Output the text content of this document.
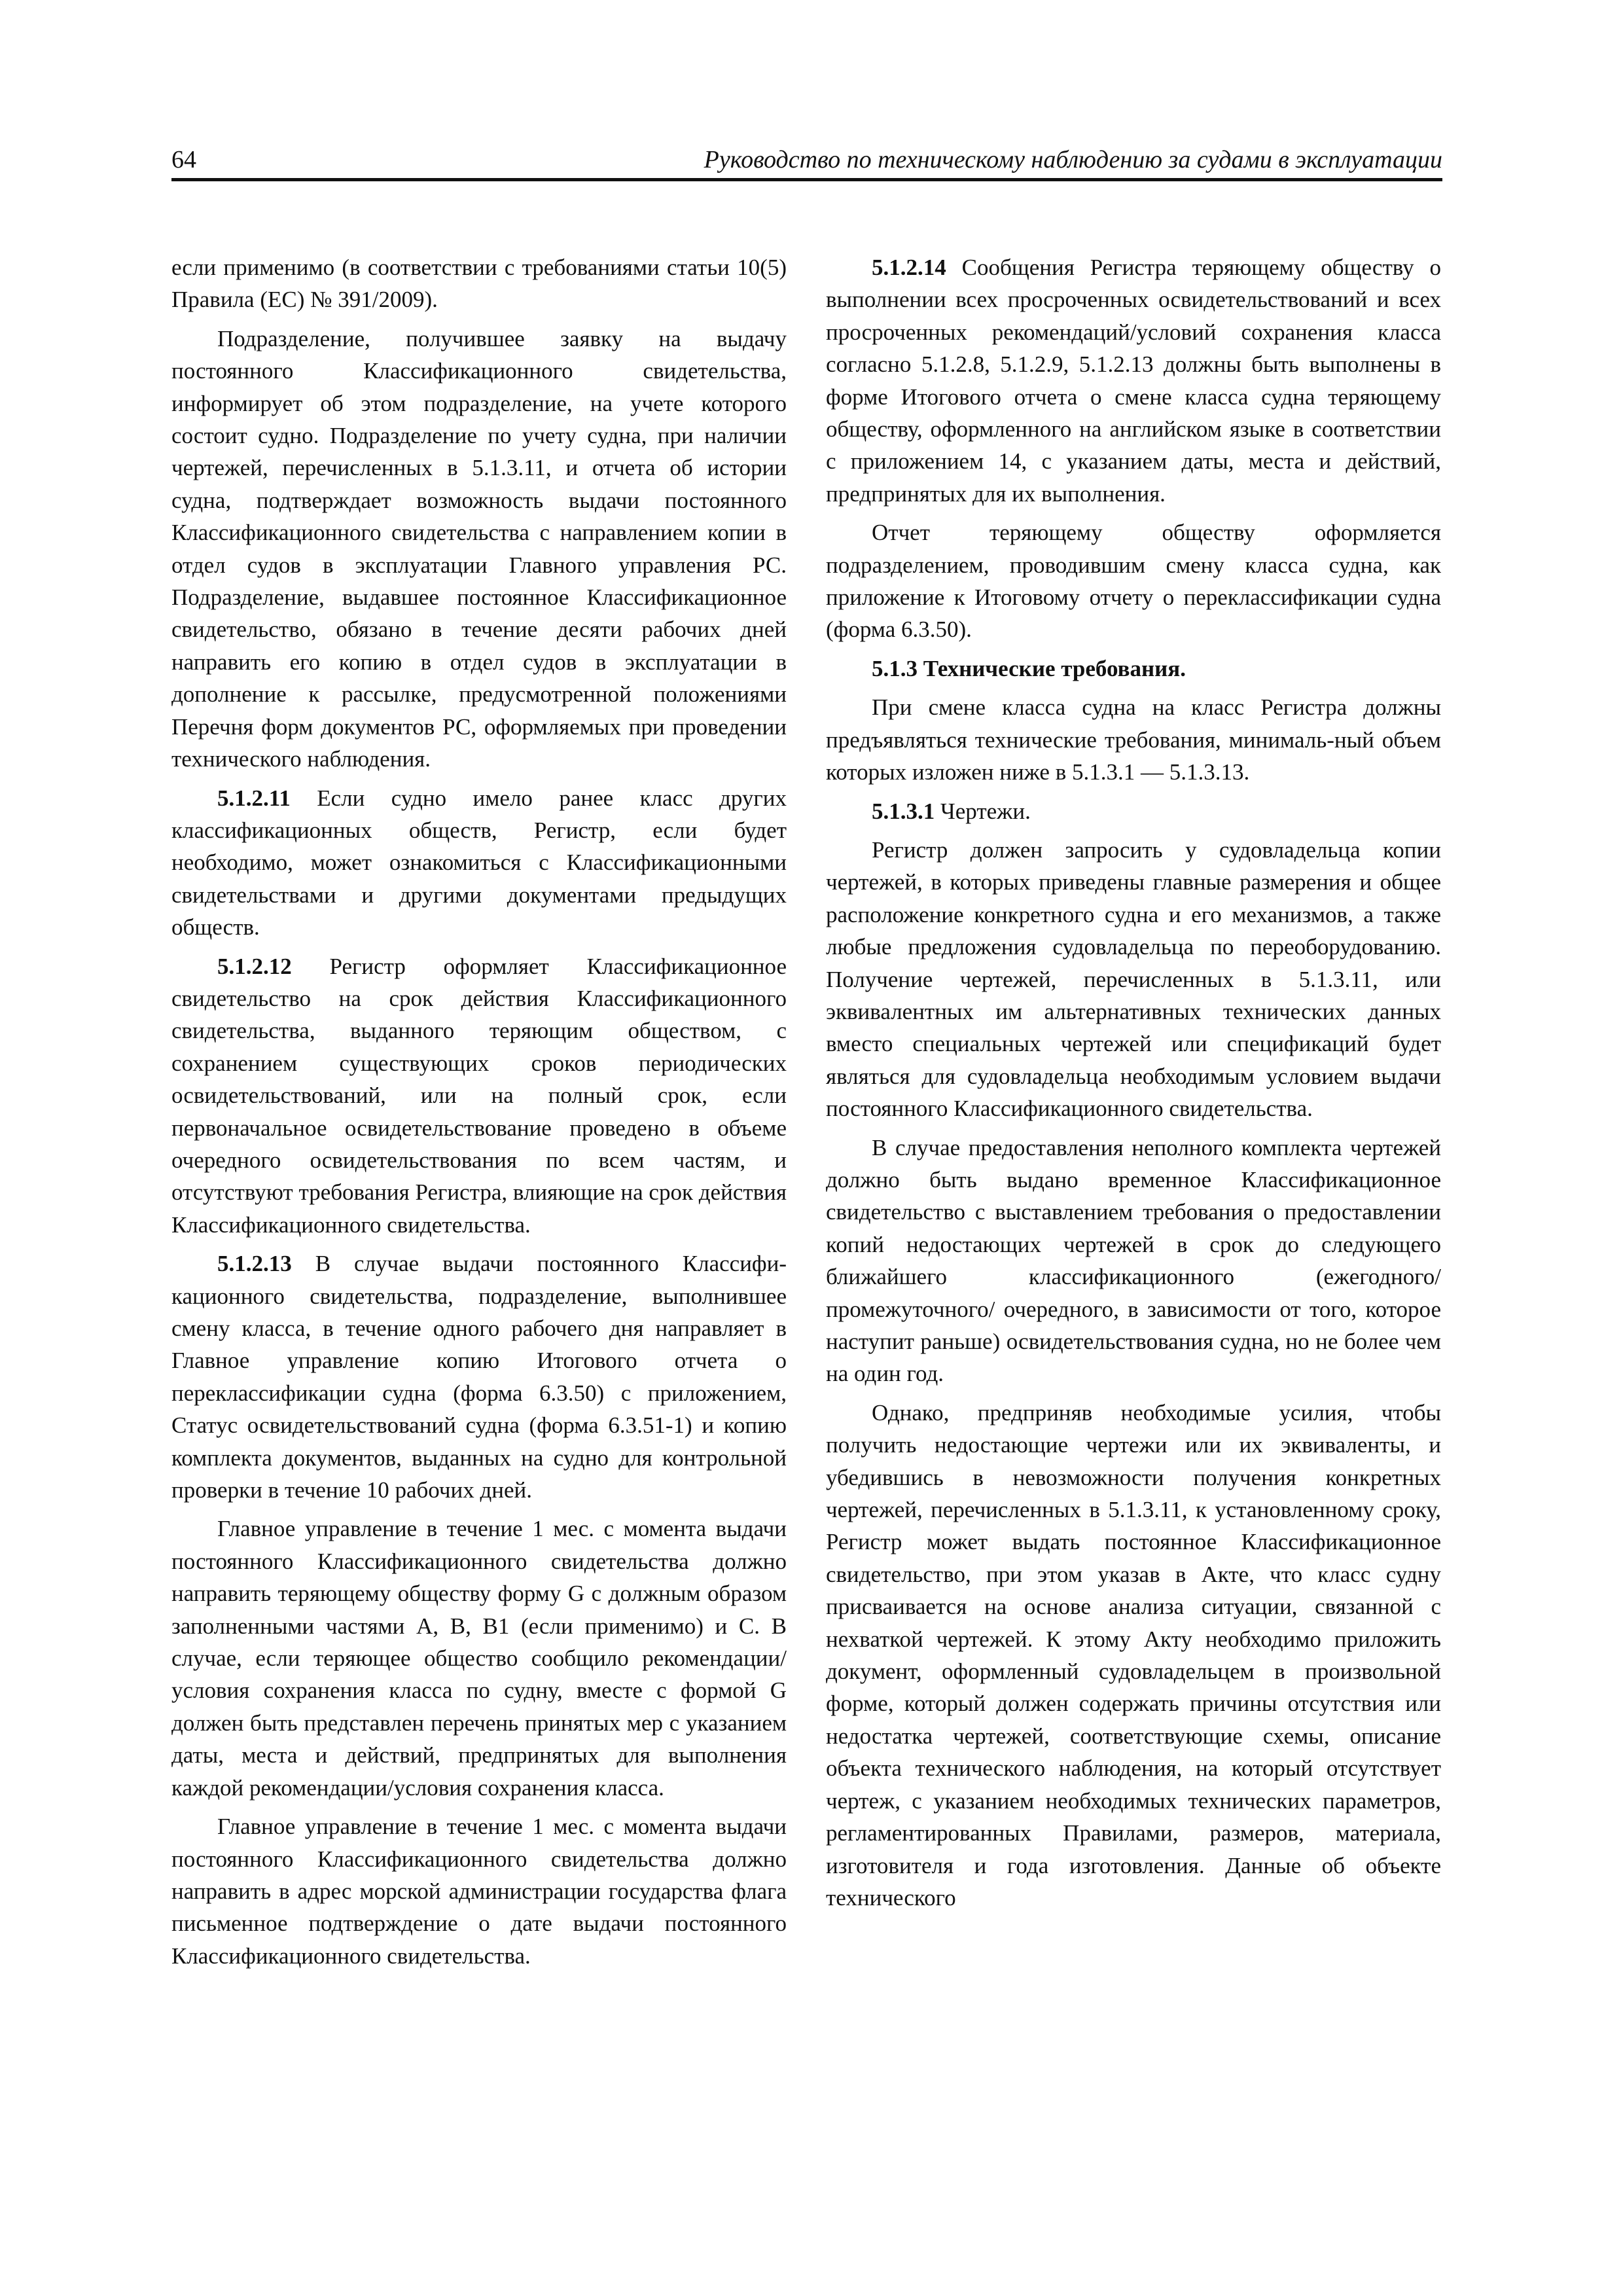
64	Руководство по техническому наблюдению за судами в эксплуатации

если применимо (в соответствии с требованиями статьи 10(5) Правила (ЕС) № 391/2009).

Подразделение, получившее заявку на выдачу постоянного Классификационного свидетельства, информирует об этом подразделение, на учете которого состоит судно. Подразделение по учету судна, при наличии чертежей, перечисленных в 5.1.3.11, и отчета об истории судна, подтверждает возможность выдачи постоянного Классификационного свидетельства с направлением копии в отдел судов в эксплуатации Главного управления РС. Подразделение, выдавшее постоянное Классификационное свидетельство, обязано в течение десяти рабочих дней направить его копию в отдел судов в эксплуатации в дополнение к рассылке, предусмотренной положениями Перечня форм документов РС, оформляемых при проведении технического наблюдения.

5.1.2.11 Если судно имело ранее класс других классификационных обществ, Регистр, если будет необходимо, может ознакомиться с Классификационными свидетельствами и другими документами предыдущих обществ.

5.1.2.12 Регистр оформляет Классификационное свидетельство на срок действия Классификационного свидетельства, выданного теряющим обществом, с сохранением существующих сроков периодических освидетельствований, или на полный срок, если первоначальное освидетельствование проведено в объеме очередного освидетельствования по всем частям, и отсутствуют требования Регистра, влияющие на срок действия Классификационного свидетельства.

5.1.2.13 В случае выдачи постоянного Классификационного свидетельства, подразделение, выполнившее смену класса, в течение одного рабочего дня направляет в Главное управление копию Итогового отчета о переклассификации судна (форма 6.3.50) с приложением, Статус освидетельствований судна (форма 6.3.51-1) и копию комплекта документов, выданных на судно для контрольной проверки в течение 10 рабочих дней.

Главное управление в течение 1 мес. с момента выдачи постоянного Классификационного свидетельства должно направить теряющему обществу форму G с должным образом заполненными частями A, B, B1 (если применимо) и C. В случае, если теряющее общество сообщило рекомендации/ условия сохранения класса по судну, вместе с формой G должен быть представлен перечень принятых мер с указанием даты, места и действий, предпринятых для выполнения каждой рекомендации/условия сохранения класса.

Главное управление в течение 1 мес. с момента выдачи постоянного Классификационного свидетельства должно направить в адрес морской администрации государства флага письменное подтверждение о дате выдачи постоянного Классификационного свидетельства.

5.1.2.14 Сообщения Регистра теряющему обществу о выполнении всех просроченных освидетельствований и всех просроченных рекомендаций/условий сохранения класса согласно 5.1.2.8, 5.1.2.9, 5.1.2.13 должны быть выполнены в форме Итогового отчета о смене класса судна теряющему обществу, оформленного на английском языке в соответствии с приложением 14, с указанием даты, места и действий, предпринятых для их выполнения.

Отчет теряющему обществу оформляется подразделением, проводившим смену класса судна, как приложение к Итоговому отчету о переклассификации судна (форма 6.3.50).

5.1.3 Технические требования.

При смене класса судна на класс Регистра должны предъявляться технические требования, минималь-ный объем которых изложен ниже в 5.1.3.1 — 5.1.3.13.

5.1.3.1 Чертежи.

Регистр должен запросить у судовладельца копии чертежей, в которых приведены главные размерения и общее расположение конкретного судна и его механизмов, а также любые предложения судовладельца по переоборудованию. Получение чертежей, перечисленных в 5.1.3.11, или эквивалентных им альтернативных технических данных вместо специальных чертежей или спецификаций будет являться для судовладельца необходимым условием выдачи постоянного Классификационного свидетельства.

В случае предоставления неполного комплекта чертежей должно быть выдано временное Классификационное свидетельство с выставлением требования о предоставлении копий недостающих чертежей в срок до следующего ближайшего классификационного (ежегодного/промежуточного/ очередного, в зависимости от того, которое наступит раньше) освидетельствования судна, но не более чем на один год.

Однако, предприняв необходимые усилия, чтобы получить недостающие чертежи или их эквиваленты, и убедившись в невозможности получения конкретных чертежей, перечисленных в 5.1.3.11, к установленному сроку, Регистр может выдать постоянное Классификационное свидетельство, при этом указав в Акте, что класс судну присваивается на основе анализа ситуации, связанной с нехваткой чертежей. К этому Акту необходимо приложить документ, оформленный судовладельцем в произвольной форме, который должен содержать причины отсутствия или недостатка чертежей, соответствующие схемы, описание объекта технического наблюдения, на который отсутствует чертеж, с указанием необходимых технических параметров, регламентированных Правилами, размеров, материала, изготовителя и года изготовления. Данные об объекте технического
